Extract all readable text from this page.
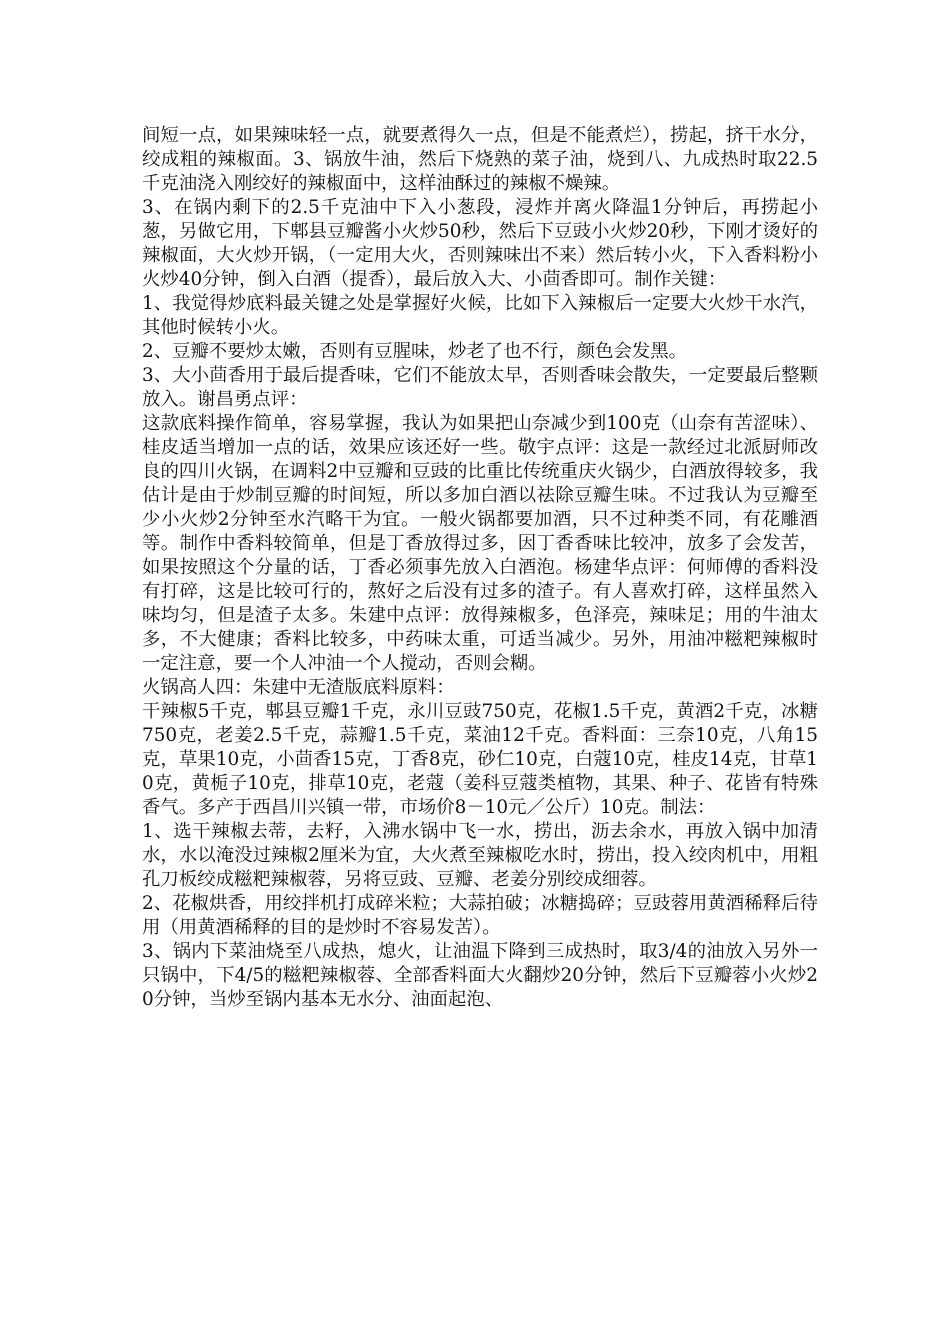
间短一点，如果辣味轻一点，就要煮得久一点，但是不能煮烂），捞起，挤干水分，绞成粗的辣椒面。3、锅放牛油，然后下烧熟的菜子油，烧到八、九成热时取22.5千克油浇入刚绞好的辣椒面中，这样油酥过的辣椒不燥辣。

3、在锅内剩下的2.5千克油中下入小葱段，浸炸并离火降温1分钟后，再捞起小葱，另做它用，下郫县豆瓣酱小火炒50秒，然后下豆豉小火炒20秒，下刚才烫好的辣椒面，大火炒开锅，（一定用大火，否则辣味出不来）然后转小火，下入香料粉小火炒40分钟，倒入白酒（提香），最后放入大、小茴香即可。制作关键：

1、我觉得炒底料最关键之处是掌握好火候，比如下入辣椒后一定要大火炒干水汽，其他时候转小火。

2、豆瓣不要炒太嫩，否则有豆腥味，炒老了也不行，颜色会发黑。

3、大小茴香用于最后提香味，它们不能放太早，否则香味会散失，一定要最后整颗放入。谢昌勇点评：

这款底料操作简单，容易掌握，我认为如果把山奈减少到100克（山奈有苦涩味）、桂皮适当增加一点的话，效果应该还好一些。敬宇点评：这是一款经过北派厨师改良的四川火锅，在调料2中豆瓣和豆豉的比重比传统重庆火锅少，白酒放得较多，我估计是由于炒制豆瓣的时间短，所以多加白酒以祛除豆瓣生味。不过我认为豆瓣至少小火炒2分钟至水汽略干为宜。一般火锅都要加酒，只不过种类不同，有花雕酒等。制作中香料较简单，但是丁香放得过多，因丁香香味比较冲，放多了会发苦，如果按照这个分量的话，丁香必须事先放入白酒泡。杨建华点评：何师傅的香料没有打碎，这是比较可行的，熬好之后没有过多的渣子。有人喜欢打碎，这样虽然入味均匀，但是渣子太多。朱建中点评：放得辣椒多，色泽亮，辣味足；用的牛油太多，不大健康；香料比较多，中药味太重，可适当减少。另外，用油冲糍粑辣椒时一定注意，要一个人冲油一个人搅动，否则会糊。

火锅高人四：朱建中无渣版底料原料：

干辣椒5千克，郫县豆瓣1千克，永川豆豉750克，花椒1.5千克，黄酒2千克，冰糖750克，老姜2.5千克，蒜瓣1.5千克，菜油12千克。香料面：三奈10克，八角15克，草果10克，小茴香15克，丁香8克，砂仁10克，白蔻10克，桂皮14克，甘草10克，黄栀子10克，排草10克，老蔻（姜科豆蔻类植物，其果、种子、花皆有特殊香气。多产于西昌川兴镇一带，市场价8－10元／公斤）10克。制法：

1、选干辣椒去蒂，去籽，入沸水锅中飞一水，捞出，沥去余水，再放入锅中加清水，水以淹没过辣椒2厘米为宜，大火煮至辣椒吃水时，捞出，投入绞肉机中，用粗孔刀板绞成糍粑辣椒蓉，另将豆豉、豆瓣、老姜分别绞成细蓉。

2、花椒烘香，用绞拌机打成碎米粒；大蒜拍破；冰糖捣碎；豆豉蓉用黄酒稀释后待用（用黄酒稀释的目的是炒时不容易发苦）。

3、锅内下菜油烧至八成热，熄火，让油温下降到三成热时，取3/4的油放入另外一只锅中，下4/5的糍粑辣椒蓉、全部香料面大火翻炒20分钟，然后下豆瓣蓉小火炒20分钟，当炒至锅内基本无水分、油面起泡、
